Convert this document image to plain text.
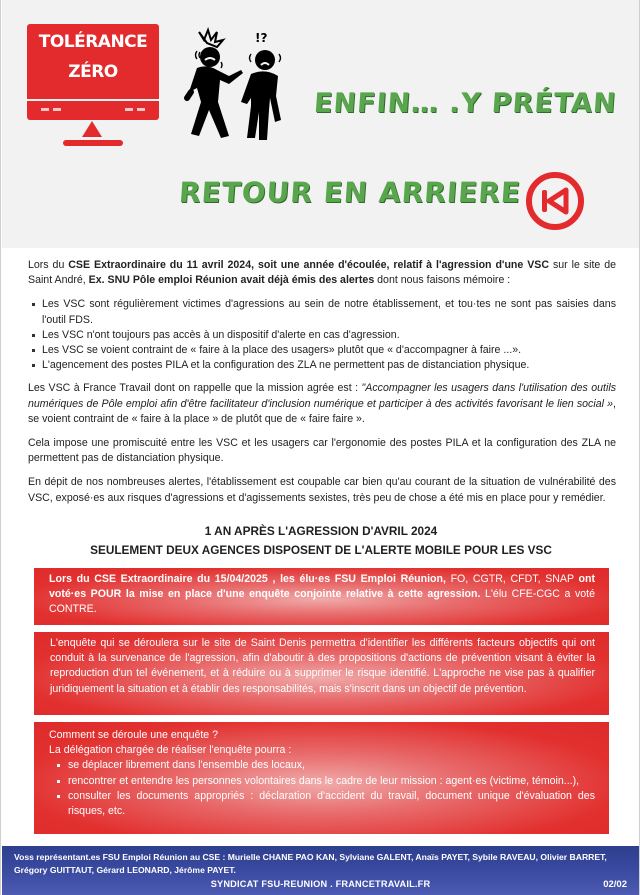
TOLÉRANCE
ZÉRO
!?
ENFIN… .Y PRÉTAN
RETOUR EN ARRIERE

Lors du CSE Extraordinaire du 11 avril 2024, soit une année d'écoulée, relatif à l'agression d'une VSC sur le site de Saint André, Ex. SNU Pôle emploi Réunion avait déjà émis des alertes dont nous faisons mémoire :

Les VSC sont régulièrement victimes d'agressions au sein de notre établissement, et tou·tes ne sont pas saisies dans l'outil FDS.
Les VSC n'ont toujours pas accès à un dispositif d'alerte en cas d'agression.
Les VSC se voient contraint de « faire à la place des usagers» plutôt que « d'accompagner à faire ...».
L'agencement des postes PILA et la configuration des ZLA ne permettent pas de distanciation physique.

Les VSC à France Travail dont on rappelle que la mission agrée est : "Accompagner les usagers dans l'utilisation des outils numériques de Pôle emploi afin d'être facilitateur d'inclusion numérique et participer à des activités favorisant le lien social », se voient contraint de « faire à la place » de plutôt que de « faire faire ».

Cela impose une promiscuité entre les VSC et les usagers car l'ergonomie des postes PILA et la configuration des ZLA ne permettent pas de distanciation physique.

En dépit de nos nombreuses alertes, l'établissement est coupable car bien qu'au courant de la situation de vulnérabilité des VSC, exposé·es aux risques d'agressions et d'agissements sexistes, très peu de chose a été mis en place pour y remédier.

1 AN APRÈS L'AGRESSION D'AVRIL 2024
SEULEMENT DEUX AGENCES DISPOSENT DE L'ALERTE MOBILE POUR LES VSC
Lors du CSE Extraordinaire du 15/04/2025 , les élu·es FSU Emploi Réunion, FO, CGTR, CFDT, SNAP ont voté·es POUR la mise en place d'une enquête conjointe relative à cette agression. L'élu CFE-CGC a voté CONTRE.
L'enquête qui se déroulera sur le site de Saint Denis permettra d'identifier les différents facteurs objectifs qui ont conduit à la survenance de l'agression, afin d'aboutir à des propositions d'actions de prévention visant à éviter la reproduction d'un tel événement, et à réduire ou à supprimer le risque identifié. L'approche ne vise pas à qualifier juridiquement la situation et à établir des responsabilités, mais s'inscrit dans un objectif de prévention.
Comment se déroule une enquête ?
La délégation chargée de réaliser l'enquête pourra :
se déplacer librement dans l'ensemble des locaux,
rencontrer et entendre les personnes volontaires dans le cadre de leur mission : agent·es (victime, témoin...),
consulter les documents appropriés : déclaration d'accident du travail, document unique d'évaluation des risques, etc.
Voss représentant.es FSU Emploi Réunion au CSE : Murielle CHANE PAO KAN, Sylviane GALENT, Anaïs PAYET, Sybile RAVEAU, Olivier BARRET, Grégory GUITTAUT, Gérard LEONARD, Jérôme PAYET.
SYNDICAT FSU-REUNION . FRANCETRAVAIL.FR	02/02
